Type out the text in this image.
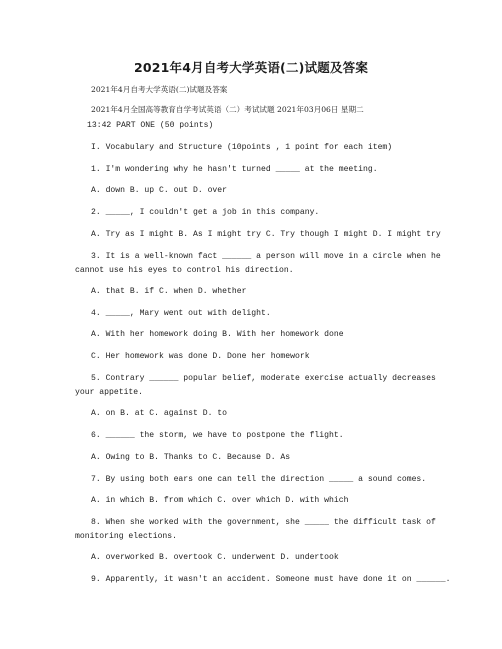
2021年4月自考大学英语(二)试题及答案
2021年4月自考大学英语(二)试题及答案
2021年4月全国高等教育自学考试英语（二）考试试题 2021年03月06日 星期二
13:42 PART ONE (50 points)
I. Vocabulary and Structure (10points , 1 point for each item)
1. I'm wondering why he hasn't turned _____ at the meeting.
A. down B. up C. out D. over
2. _____, I couldn't get a job in this company.
A. Try as I might B. As I might try C. Try though I might D. I might try
3. It is a well-known fact ______ a person will move in a circle when he
cannot use his eyes to control his direction.
A. that B. if C. when D. whether
4. _____, Mary went out with delight.
A. With her homework doing B. With her homework done
C. Her homework was done D. Done her homework
5. Contrary ______ popular belief, moderate exercise actually decreases
your appetite.
A. on B. at C. against D. to
6. ______ the storm, we have to postpone the flight.
A. Owing to B. Thanks to C. Because D. As
7. By using both ears one can tell the direction _____ a sound comes.
A. in which B. from which C. over which D. with which
8. When she worked with the government, she _____ the difficult task of
monitoring elections.
A. overworked B. overtook C. underwent D. undertook
9. Apparently, it wasn't an accident. Someone must have done it on ______.
